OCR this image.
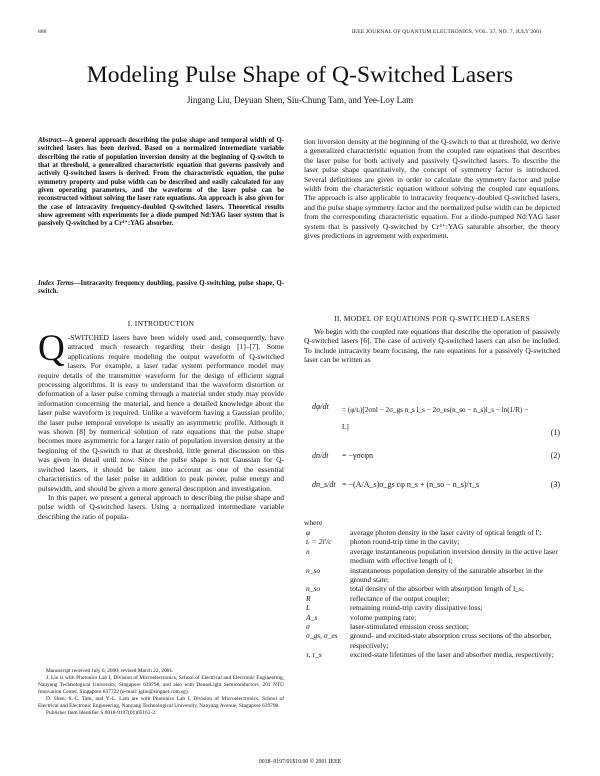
888	IEEE JOURNAL OF QUANTUM ELECTRONICS, VOL. 37, NO. 7, JULY 2001
Modeling Pulse Shape of Q-Switched Lasers
Jingang Liu, Deyuan Shen, Siu-Chung Tam, and Yee-Loy Lam
Abstract—A general approach describing the pulse shape and temporal width of Q-switched lasers has been derived. Based on a normalized intermediate variable describing the ratio of population inversion density at the beginning of Q-switch to that at threshold, a generalized characteristic equation that governs passively and actively Q-switched lasers is derived. From the characteristic equation, the pulse symmetry property and pulse width can be described and easily calculated for any given operating parameters, and the waveform of the laser pulse can be reconstructed without solving the laser rate equations. An approach is also given for the case of intracavity frequency-doubled Q-switched lasers. Theoretical results show agreement with experiments for a diode pumped Nd:YAG laser system that is passively Q-switched by a Cr⁴⁺:YAG absorber.
Index Terms—Intracavity frequency doubling, passive Q-switching, pulse shape, Q-switch.
I. INTRODUCTION

Q -SWITCHED lasers have been widely used and, consequently, have attracted much research regarding their design [1]–[7]. Some applications require modeling the output waveform of Q-switched lasers. For example, a laser radar system performance model may require details of the transmitter waveform for the design of efficient signal processing algorithms. It is easy to understand that the waveform distortion or deformation of a laser pulse coming through a material under study may provide information concerning the material, and hence a detailed knowledge about the laser pulse waveform is required. Unlike a waveform having a Gaussian profile, the laser pulse temporal envelope is usually an asymmetric profile. Although it was shown [8] by numerical solution of rate equations that the pulse shape becomes more asymmetric for a larger ratio of population inversion density at the beginning of the Q-switch to that at threshold, little general discussion on this was given in detail until now. Since the pulse shape is not Gaussian for Q-switched lasers, it should be taken into account as one of the essential characteristics of the laser pulse in addition to peak power, pulse energy and pulsewidth, and should be given a more general description and investigation.

In this paper, we present a general approach to describing the pulse shape and pulse width of Q-switched lasers. Using a normalized intermediate variable describing the ratio of popula-

Manuscript received July 6, 2000; revised March 22, 2001.

J. Liu is with Photonics Lab I, Division of Microelectronics, School of Electrical and Electronic Engineering, Nanyang Technological University, Singapore 639798, and also with DenseLight Semiconductors, 201 NTU Innovation Center, Singapore 637722 (e-mail: jgliu@singnet.com.sg).

D. Shen, S.-C. Tam, and Y.-L. Lam are with Photonics Lab I, Division of Microelectronics, School of Electrical and Electronic Engineering, Nanyang Technological University, Nanyang Avenue, Singapore 639798.

Publisher Item Identifier S 0018-9197(01)05161-2.

tion inversion density at the beginning of the Q-switch to that at threshold, we derive a generalized characteristic equation from the coupled rate equations that describes the laser pulse for both actively and passively Q-switched lasers. To describe the laser pulse shape quantitatively, the concept of symmetry factor is introduced. Several definitions are given in order to calculate the symmetry factor and pulse width from the characteristic equation without solving the coupled rate equations. The approach is also applicable to intracavity frequency-doubled Q-switched lasers, and the pulse shape symmetry factor and the normalized pulse width can be depicted from the corresponding characteristic equation. For a diode-pumped Nd:YAG laser system that is passively Q-switched by Cr⁴⁺:YAG saturable absorber, the theory gives predictions in agreement with experiment.
II. MODEL OF EQUATIONS FOR Q-SWITCHED LASERS

We begin with the coupled rate equations that describe the operation of passively Q-switched lasers [6]. The case of actively Q-switched lasers can also be included. To include intracavity beam focusing, the rate equations for a passively Q-switched laser can be written as

dφ/dt = (φ/tᵣ)[2σnl − 2σ_gs n_s l_s − 2σ_es(n_so − n_s)l_s − ln(1/R) − L]
(1)
dn/dt = −γσcφn	(2)
dn_s/dt = −(A/A_s)σ_gs cφ n_s + (n_so − n_s)/τ_s	(3)
where
φ	average photon density in the laser cavity of optical length of l′;
tᵣ = 2l′/c	photon round-trip time in the cavity;
n	average instantaneous population inversion density in the active laser medium with effective length of l;
n_so	instantaneous population density of the saturable absorber in the ground state;
n_so	total density of the absorber with absorption length of l_s;
R	reflectance of the output coupler;
L	remaining round-trip cavity dissipative loss;
A_s	volume pumping rate;
σ	laser-stimulated emission cross section;
σ_gs, σ_es	ground- and excited-state absorption cross sections of the absorber, respectively;
τ, τ_s	excited-state lifetimes of the laser and absorber media, respectively;
0018–9197/01$10.00 © 2001 IEEE
